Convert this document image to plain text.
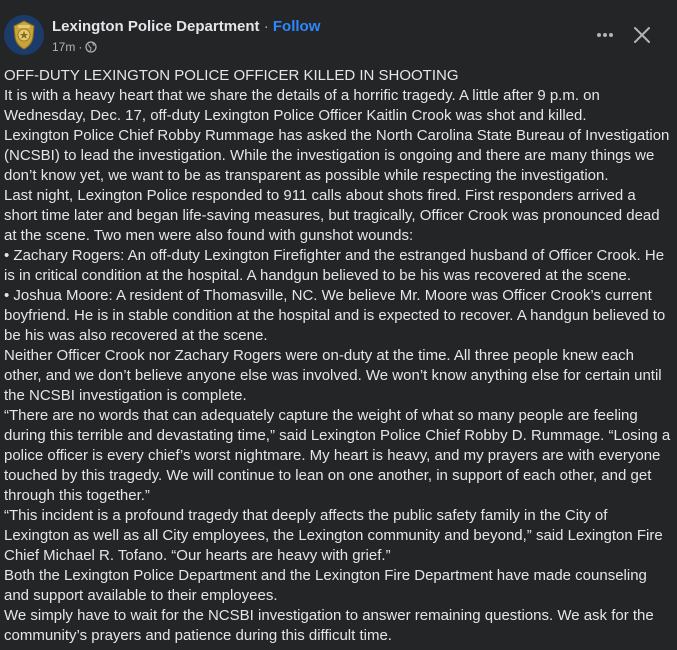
Lexington Police Department · Follow
17m ·

OFF-DUTY LEXINGTON POLICE OFFICER KILLED IN SHOOTING

It is with a heavy heart that we share the details of a horrific tragedy. A little after 9 p.m. on Wednesday, Dec. 17, off-duty Lexington Police Officer Kaitlin Crook was shot and killed.

Lexington Police Chief Robby Rummage has asked the North Carolina State Bureau of Investigation (NCSBI) to lead the investigation. While the investigation is ongoing and there are many things we don’t know yet, we want to be as transparent as possible while respecting the investigation.

Last night, Lexington Police responded to 911 calls about shots fired. First responders arrived a short time later and began life-saving measures, but tragically, Officer Crook was pronounced dead at the scene. Two men were also found with gunshot wounds:

• Zachary Rogers: An off-duty Lexington Firefighter and the estranged husband of Officer Crook. He is in critical condition at the hospital. A handgun believed to be his was recovered at the scene.

• Joshua Moore: A resident of Thomasville, NC. We believe Mr. Moore was Officer Crook’s current boyfriend. He is in stable condition at the hospital and is expected to recover. A handgun believed to be his was also recovered at the scene.

Neither Officer Crook nor Zachary Rogers were on-duty at the time. All three people knew each other, and we don’t believe anyone else was involved. We won’t know anything else for certain until the NCSBI investigation is complete.

“There are no words that can adequately capture the weight of what so many people are feeling during this terrible and devastating time,” said Lexington Police Chief Robby D. Rummage. “Losing a police officer is every chief’s worst nightmare. My heart is heavy, and my prayers are with everyone touched by this tragedy. We will continue to lean on one another, in support of each other, and get through this together.”

“This incident is a profound tragedy that deeply affects the public safety family in the City of Lexington as well as all City employees, the Lexington community and beyond,” said Lexington Fire Chief Michael R. Tofano. “Our hearts are heavy with grief.”

Both the Lexington Police Department and the Lexington Fire Department have made counseling and support available to their employees.

We simply have to wait for the NCSBI investigation to answer remaining questions. We ask for the community’s prayers and patience during this difficult time.
